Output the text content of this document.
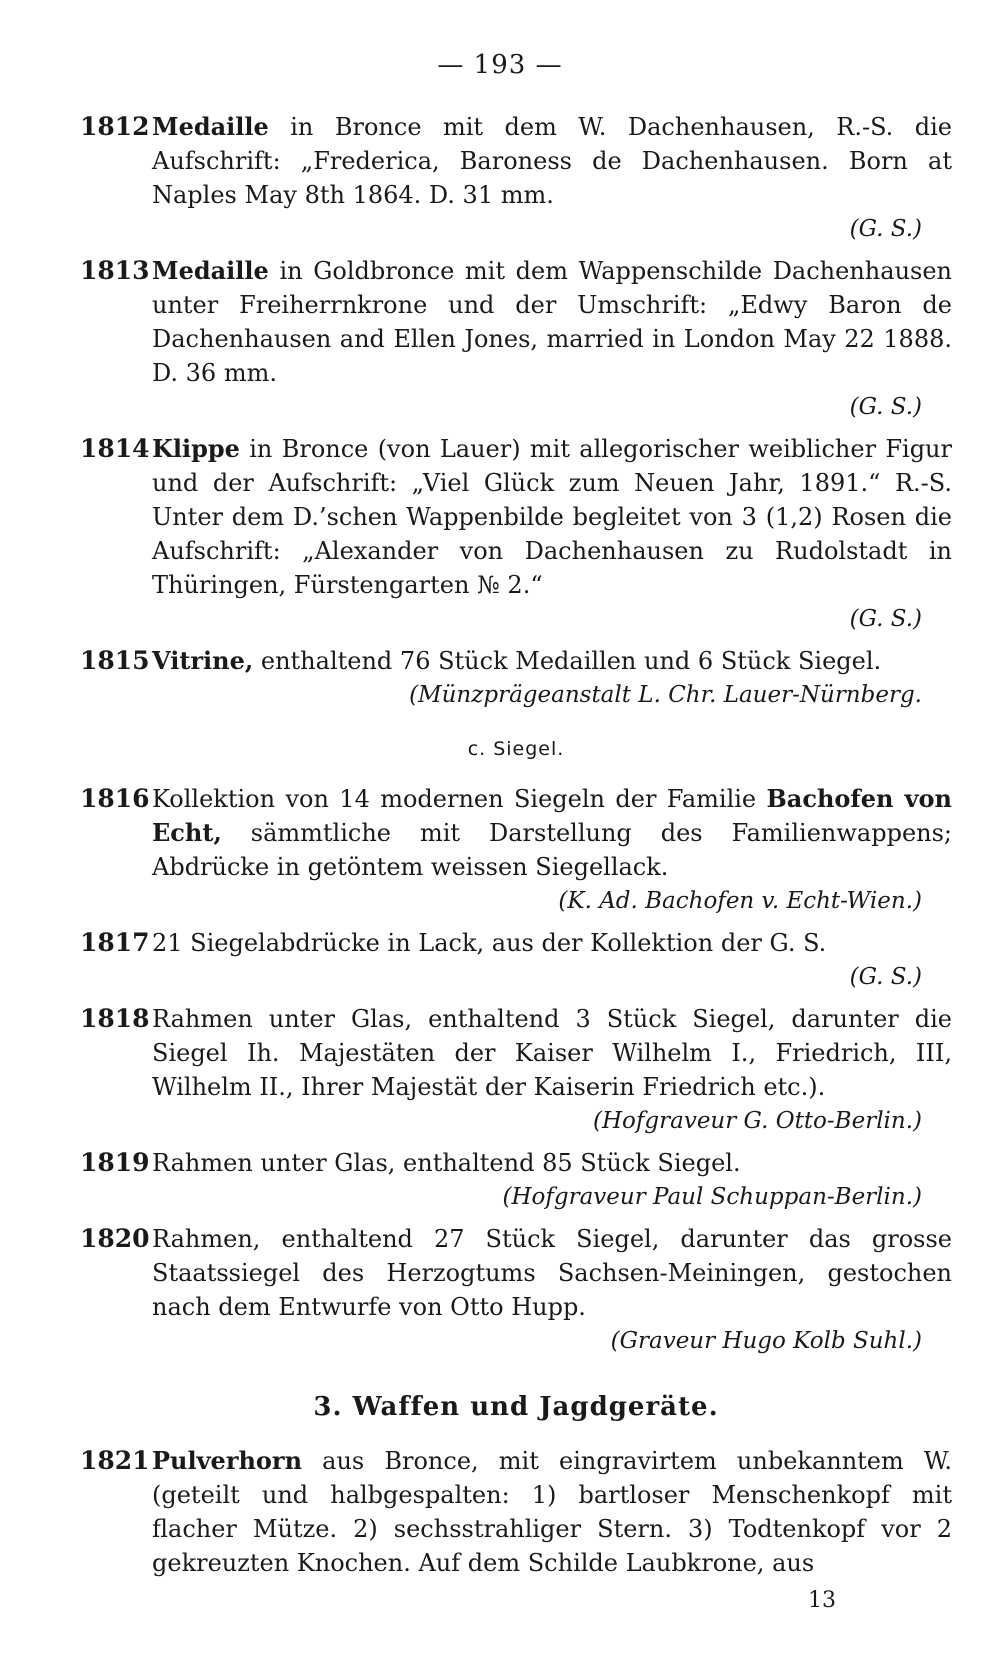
— 193 —
1812 Medaille in Bronce mit dem W. Dachenhausen, R.-S. die Aufschrift: „Frederica, Baroness de Dachenhausen. Born at Naples May 8th 1864. D. 31 mm.
(G. S.)
1813 Medaille in Goldbronce mit dem Wappenschilde Dachenhausen unter Freiherrnkrone und der Umschrift: „Edwy Baron de Dachenhausen and Ellen Jones, married in London May 22 1888. D. 36 mm.
(G. S.)
1814 Klippe in Bronce (von Lauer) mit allegorischer weiblicher Figur und der Aufschrift: „Viel Glück zum Neuen Jahr, 1891.“ R.-S. Unter dem D.’schen Wappenbilde begleitet von 3 (1,2) Rosen die Aufschrift: „Alexander von Dachenhausen zu Rudolstadt in Thüringen, Fürstengarten № 2.“
(G. S.)
1815 Vitrine, enthaltend 76 Stück Medaillen und 6 Stück Siegel.
(Münzprägeanstalt L. Chr. Lauer-Nürnberg.
c. Siegel.
1816 Kollektion von 14 modernen Siegeln der Familie Bachofen von Echt, sämmtliche mit Darstellung des Familienwappens; Abdrücke in getöntem weissen Siegellack.
(K. Ad. Bachofen v. Echt-Wien.)
1817 21 Siegelabdrücke in Lack, aus der Kollektion der G. S.
(G. S.)
1818 Rahmen unter Glas, enthaltend 3 Stück Siegel, darunter die Siegel Ih. Majestäten der Kaiser Wilhelm I., Friedrich, III, Wilhelm II., Ihrer Majestät der Kaiserin Friedrich etc.).
(Hofgraveur G. Otto-Berlin.)
1819 Rahmen unter Glas, enthaltend 85 Stück Siegel.
(Hofgraveur Paul Schuppan-Berlin.)
1820 Rahmen, enthaltend 27 Stück Siegel, darunter das grosse Staatssiegel des Herzogtums Sachsen-Meiningen, gestochen nach dem Entwurfe von Otto Hupp.
(Graveur Hugo Kolb Suhl.)
3. Waffen und Jagdgeräte.
1821 Pulverhorn aus Bronce, mit eingravirtem unbekanntem W. (geteilt und halbgespalten: 1) bartloser Menschenkopf mit flacher Mütze. 2) sechsstrahliger Stern. 3) Todtenkopf vor 2 gekreuzten Knochen. Auf dem Schilde Laubkrone, aus
13
